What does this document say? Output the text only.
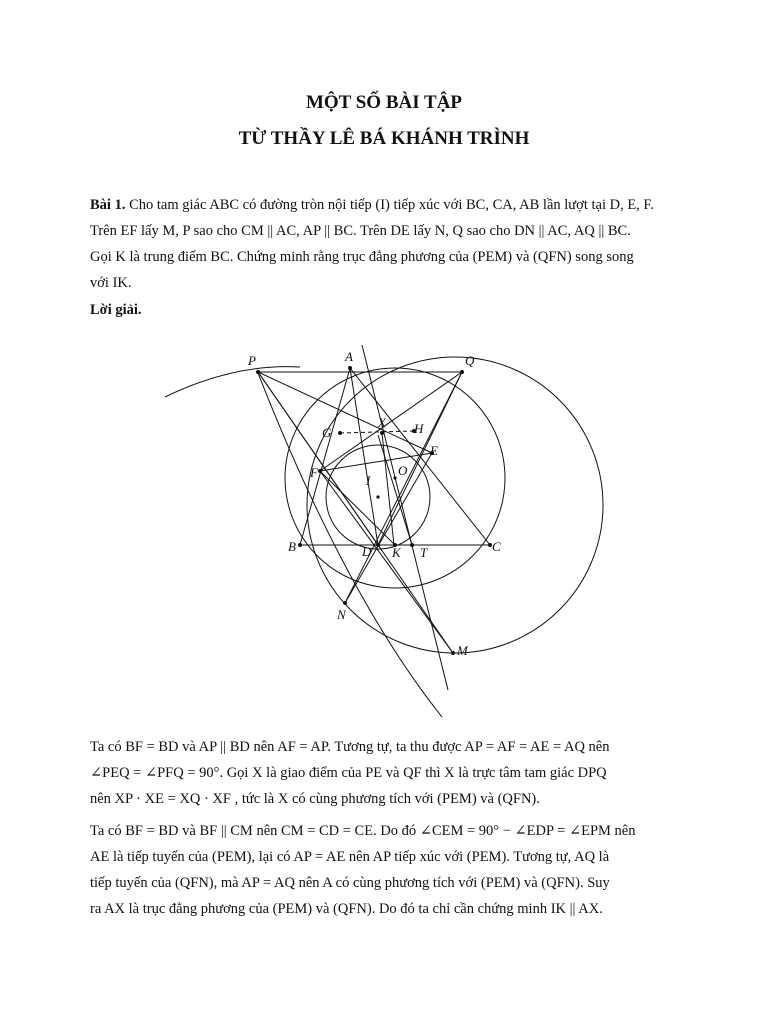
MỘT SỐ BÀI TẬP
TỪ THẦY LÊ BÁ KHÁNH TRÌNH
Bài 1. Cho tam giác ABC có đường tròn nội tiếp (I) tiếp xúc với BC, CA, AB lần lượt tại D, E, F.
Trên EF lấy M, P sao cho CM || AC, AP || BC. Trên DE lấy N, Q sao cho DN || AC, AQ || BC.
Gọi K là trung điểm BC. Chứng minh rằng trục đẳng phương của (PEM) và (QFN) song song
với IK.
Lời giải.
P	A	Q
X
G	H
E
F
I
O
B	D K T	C
N
M
Ta có BF = BD và AP || BD nên AF = AP. Tương tự, ta thu được AP = AF = AE = AQ nên
∠PEQ = ∠PFQ = 90°. Gọi X là giao điểm của PE và QF thì X là trực tâm tam giác DPQ
nên XP · XE = XQ · XF , tức là X có cùng phương tích với (PEM) và (QFN).
Ta có BF = BD và BF || CM nên CM = CD = CE. Do đó ∠CEM = 90° − ∠EDP = ∠EPM nên
AE là tiếp tuyến của (PEM), lại có AP = AE nên AP tiếp xúc với (PEM). Tương tự, AQ là
tiếp tuyến của (QFN), mà AP = AQ nên A có cùng phương tích với (PEM) và (QFN). Suy
ra AX là trục đẳng phương của (PEM) và (QFN). Do đó ta chỉ cần chứng minh IK || AX.
